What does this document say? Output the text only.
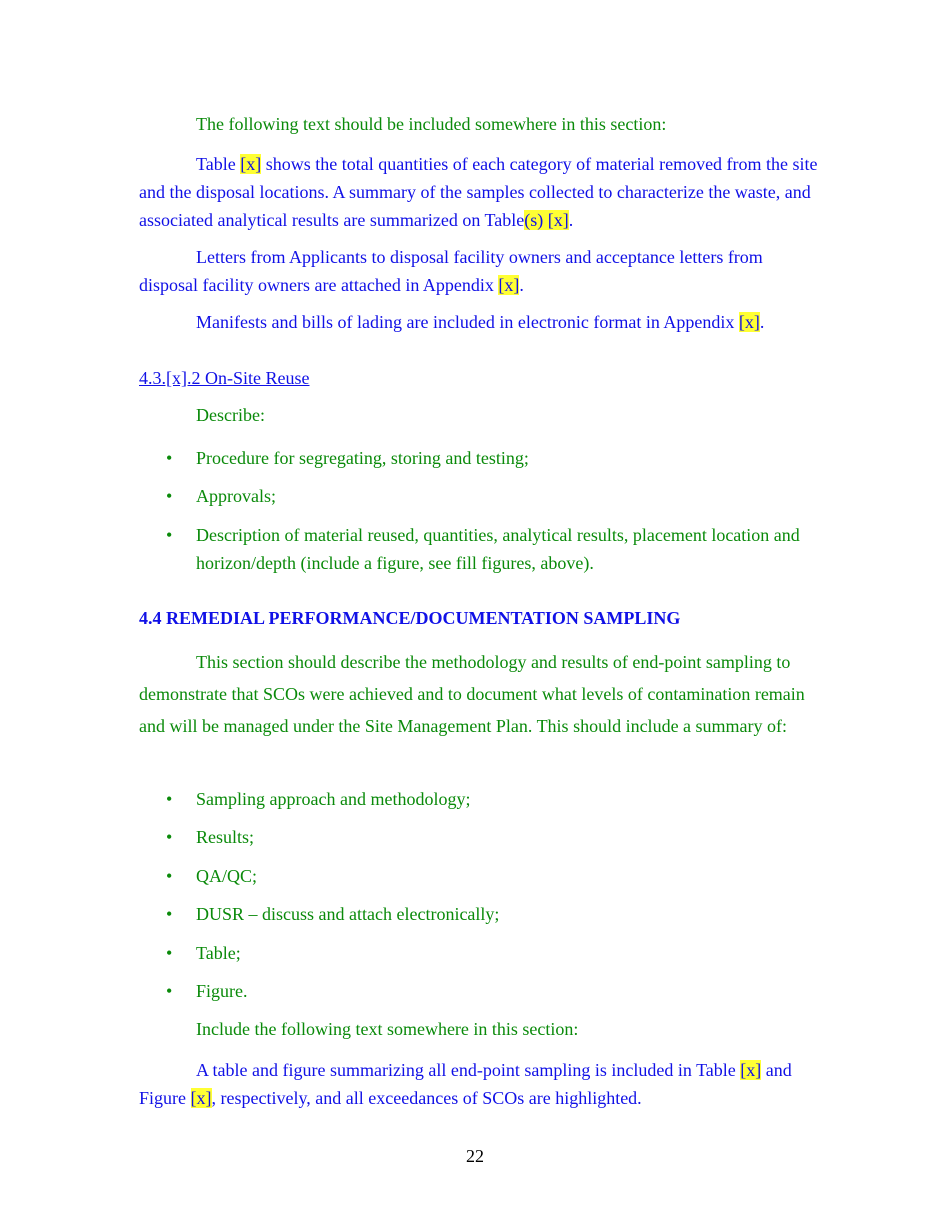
The following text should be included somewhere in this section:

Table [x] shows the total quantities of each category of material removed from the site and the disposal locations. A summary of the samples collected to characterize the waste, and associated analytical results are summarized on Table(s) [x].

Letters from Applicants to disposal facility owners and acceptance letters from disposal facility owners are attached in Appendix [x].

Manifests and bills of lading are included in electronic format in Appendix [x].

4.3.[x].2 On-Site Reuse

Describe:

• Procedure for segregating, storing and testing;
• Approvals;
• Description of material reused, quantities, analytical results, placement location and horizon/depth (include a figure, see fill figures, above).

4.4 REMEDIAL PERFORMANCE/DOCUMENTATION SAMPLING

This section should describe the methodology and results of end-point sampling to demonstrate that SCOs were achieved and to document what levels of contamination remain and will be managed under the Site Management Plan. This should include a summary of:

• Sampling approach and methodology;
• Results;
• QA/QC;
• DUSR – discuss and attach electronically;
• Table;
• Figure.

Include the following text somewhere in this section:

A table and figure summarizing all end-point sampling is included in Table [x] and Figure [x], respectively, and all exceedances of SCOs are highlighted.

22
